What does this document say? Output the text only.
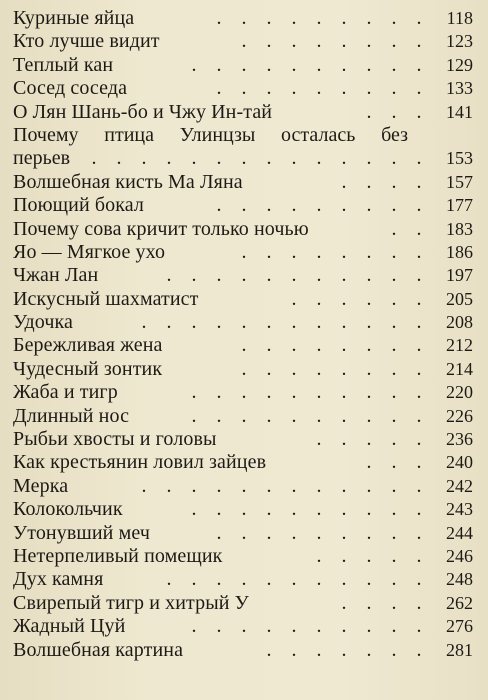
Куриные яйца	. . . . . . . . . 118
Кто лучше видит	. . . . . . . . 123
Теплый кан	. . . . . . . . . . 129
Сосед соседа	. . . . . . . . . 133
О Лян Шань-бо и Чжу Ин-тай	. . . 141
Почему птица Улинцзы осталась без
перьев . . . . . . . . . . . . . . 153
Волшебная кисть Ма Ляна	. . . . 157
Поющий бокал	. . . . . . . . . 177
Почему сова кричит только ночью	. . 183
Яо — Мягкое ухо	. . . . . . . . 186
Чжан Лан	. . . . . . . . . . . 197
Искусный шахматист	. . . . . . 205
Удочка	. . . . . . . . . . . . 208
Бережливая жена	. . . . . . . . 212
Чудесный зонтик	. . . . . . . . 214
Жаба и тигр	. . . . . . . . . . 220
Длинный нос	. . . . . . . . . . 226
Рыбьи хвосты и головы	. . . . . 236
Как крестьянин ловил зайцев	. . . 240
Мерка	. . . . . . . . . . . . 242
Колокольчик	. . . . . . . . . . 243
Утонувший меч	. . . . . . . . . 244
Нетерпеливый помещик	. . . . . 246
Дух камня	. . . . . . . . . . . 248
Свирепый тигр и хитрый У	. . . . 262
Жадный Цуй	. . . . . . . . . . 276
Волшебная картина	. . . . . . . 281
